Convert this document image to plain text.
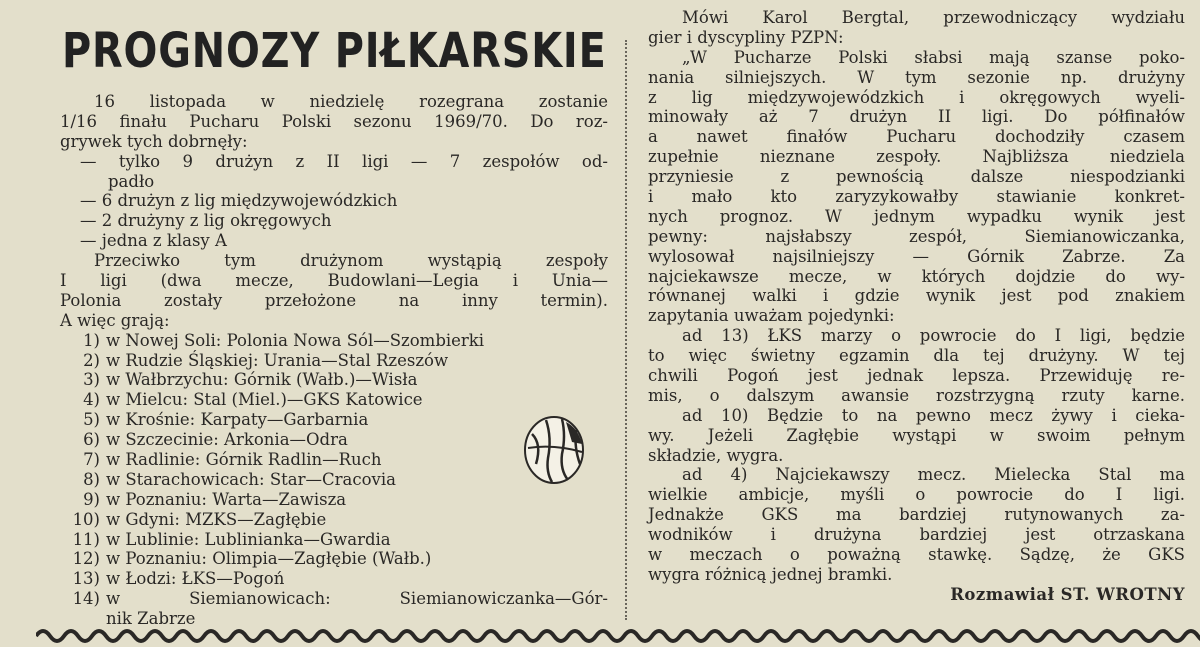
PROGNOZY PIŁKARSKIE
16 listopada w niedzielę rozegrana zostanie
1/16 finału Pucharu Polski sezonu 1969/70. Do roz-
grywek tych dobrnęły:
— tylko 9 drużyn z II ligi — 7 zespołów od-
padło
— 6 drużyn z lig międzywojewódzkich
— 2 drużyny z lig okręgowych
— jedna z klasy A
Przeciwko tym drużynom wystąpią zespoły
I ligi (dwa mecze, Budowlani—Legia i Unia—
Polonia zostały przełożone na inny termin).
A więc grają:
1) w Nowej Soli: Polonia Nowa Sól—Szombierki
2) w Rudzie Śląskiej: Urania—Stal Rzeszów
3) w Wałbrzychu: Górnik (Wałb.)—Wisła
4) w Mielcu: Stal (Miel.)—GKS Katowice
5) w Krośnie: Karpaty—Garbarnia
6) w Szczecinie: Arkonia—Odra
7) w Radlinie: Górnik Radlin—Ruch
8) w Starachowicach: Star—Cracovia
9) w Poznaniu: Warta—Zawisza
10) w Gdyni: MZKS—Zagłębie
11) w Lublinie: Lublinianka—Gwardia
12) w Poznaniu: Olimpia—Zagłębie (Wałb.)
13) w Łodzi: ŁKS—Pogoń
14) w Siemianowicach: Siemianowiczanka—Gór-
nik Zabrze
Mówi Karol Bergtal, przewodniczący wydziału
gier i dyscypliny PZPN:
„W Pucharze Polski słabsi mają szanse poko-
nania silniejszych. W tym sezonie np. drużyny
z lig międzywojewódzkich i okręgowych wyeli-
minowały aż 7 drużyn II ligi. Do półfinałów
a nawet finałów Pucharu dochodziły czasem
zupełnie nieznane zespoły. Najbliższa niedziela
przyniesie z pewnością dalsze niespodzianki
i mało kto zaryzykowałby stawianie konkret-
nych prognoz. W jednym wypadku wynik jest
pewny: najsłabszy zespół, Siemianowiczanka,
wylosował najsilniejszy — Górnik Zabrze. Za
najciekawsze mecze, w których dojdzie do wy-
równanej walki i gdzie wynik jest pod znakiem
zapytania uważam pojedynki:
ad 13) ŁKS marzy o powrocie do I ligi, będzie
to więc świetny egzamin dla tej drużyny. W tej
chwili Pogoń jest jednak lepsza. Przewiduję re-
mis, o dalszym awansie rozstrzygną rzuty karne.
ad 10) Będzie to na pewno mecz żywy i cieka-
wy. Jeżeli Zagłębie wystąpi w swoim pełnym
składzie, wygra.
ad 4) Najciekawszy mecz. Mielecka Stal ma
wielkie ambicje, myśli o powrocie do I ligi.
Jednakże GKS ma bardziej rutynowanych za-
wodników i drużyna bardziej jest otrzaskana
w meczach o poważną stawkę. Sądzę, że GKS
wygra różnicą jednej bramki.
Rozmawiał ST. WROTNY
